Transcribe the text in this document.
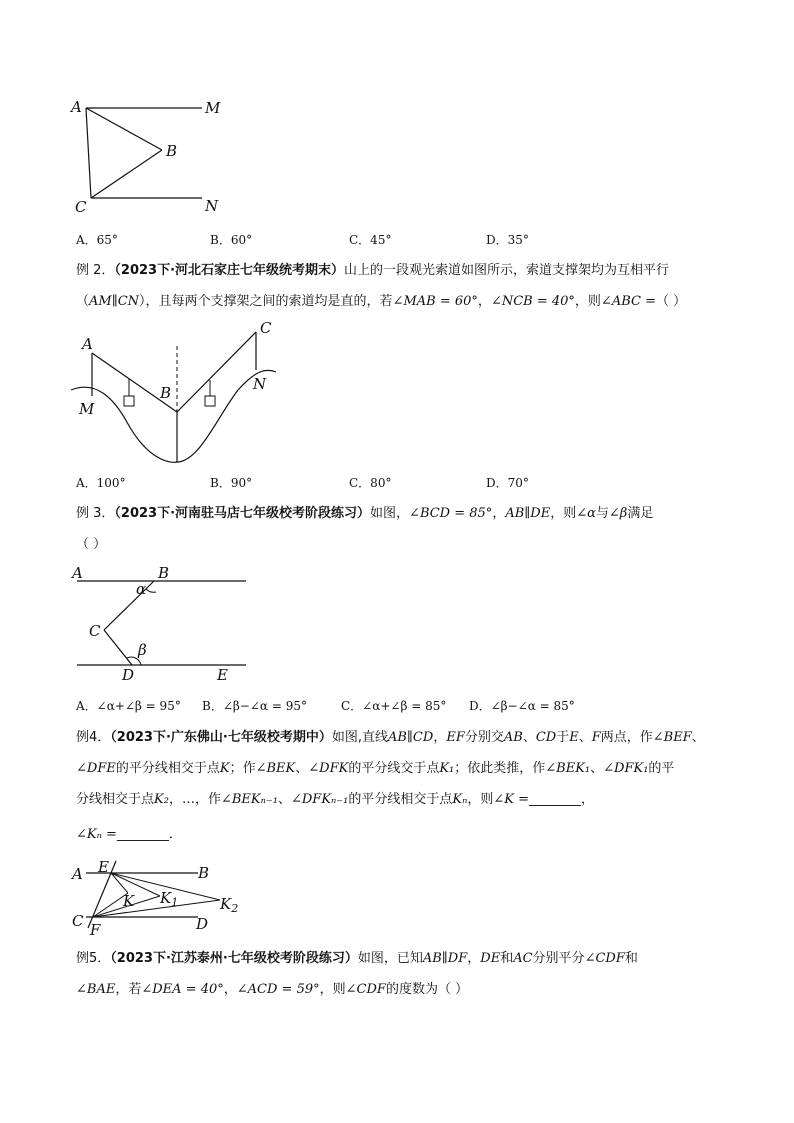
A	M
B
C	N
A．65°	B．60°	C．45°	D．35°
例 2．（2023下·河北石家庄七年级统考期末）山上的一段观光索道如图所示，索道支撑架均为互相平行
（AM∥CN），且每两个支撑架之间的索道均是直的，若∠MAB = 60°，∠NCB = 40°，则∠ABC =（ ）
A
C
B
M
N
A．100°	B．90°	C．80°	D．70°
例 3．（2023下·河南驻马店七年级校考阶段练习）如图，∠BCD = 85°，AB∥DE，则∠α与∠β满足
（ ）
A	B
α
C
β
D	E
A．∠α+∠β = 95° B．∠β−∠α = 95°	C．∠α+∠β = 85° D．∠β−∠α = 85°
例4．（2023下·广东佛山·七年级校考期中）如图,直线AB∥CD，EF分别交AB、CD于E、F两点，作∠BEF、
∠DFE的平分线相交于点K；作∠BEK、∠DFK的平分线交于点K₁；依此类推，作∠BEK₁、∠DFK₁的平
分线相交于点K₂，…，作∠BEKₙ₋₁、∠DFKₙ₋₁的平分线相交于点Kₙ，则∠K =________，
∠Kₙ =________．
A E	B
K $K_1$	$K_2$
C F	D
例5．（2023下·江苏泰州·七年级校考阶段练习）如图，已知AB∥DF，DE和AC分别平分∠CDF和
∠BAE，若∠DEA = 40°，∠ACD = 59°，则∠CDF的度数为（ ）
